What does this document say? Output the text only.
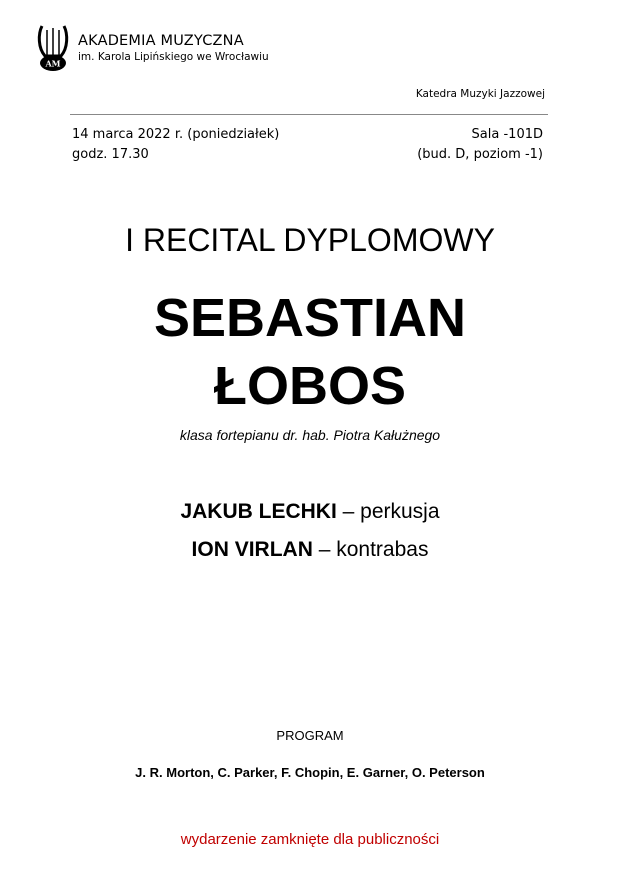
AM
AKADEMIA MUZYCZNA
im. Karola Lipińskiego we Wrocławiu
Katedra Muzyki Jazzowej
14 marca 2022 r. (poniedziałek)
godz. 17.30
Sala -101D
(bud. D, poziom -1)
I RECITAL DYPLOMOWY
SEBASTIAN
ŁOBOS
klasa fortepianu dr. hab. Piotra Kałużnego
JAKUB LECHKI – perkusja
ION VIRLAN – kontrabas
PROGRAM
J. R. Morton, C. Parker, F. Chopin, E. Garner, O. Peterson
wydarzenie zamknięte dla publiczności
